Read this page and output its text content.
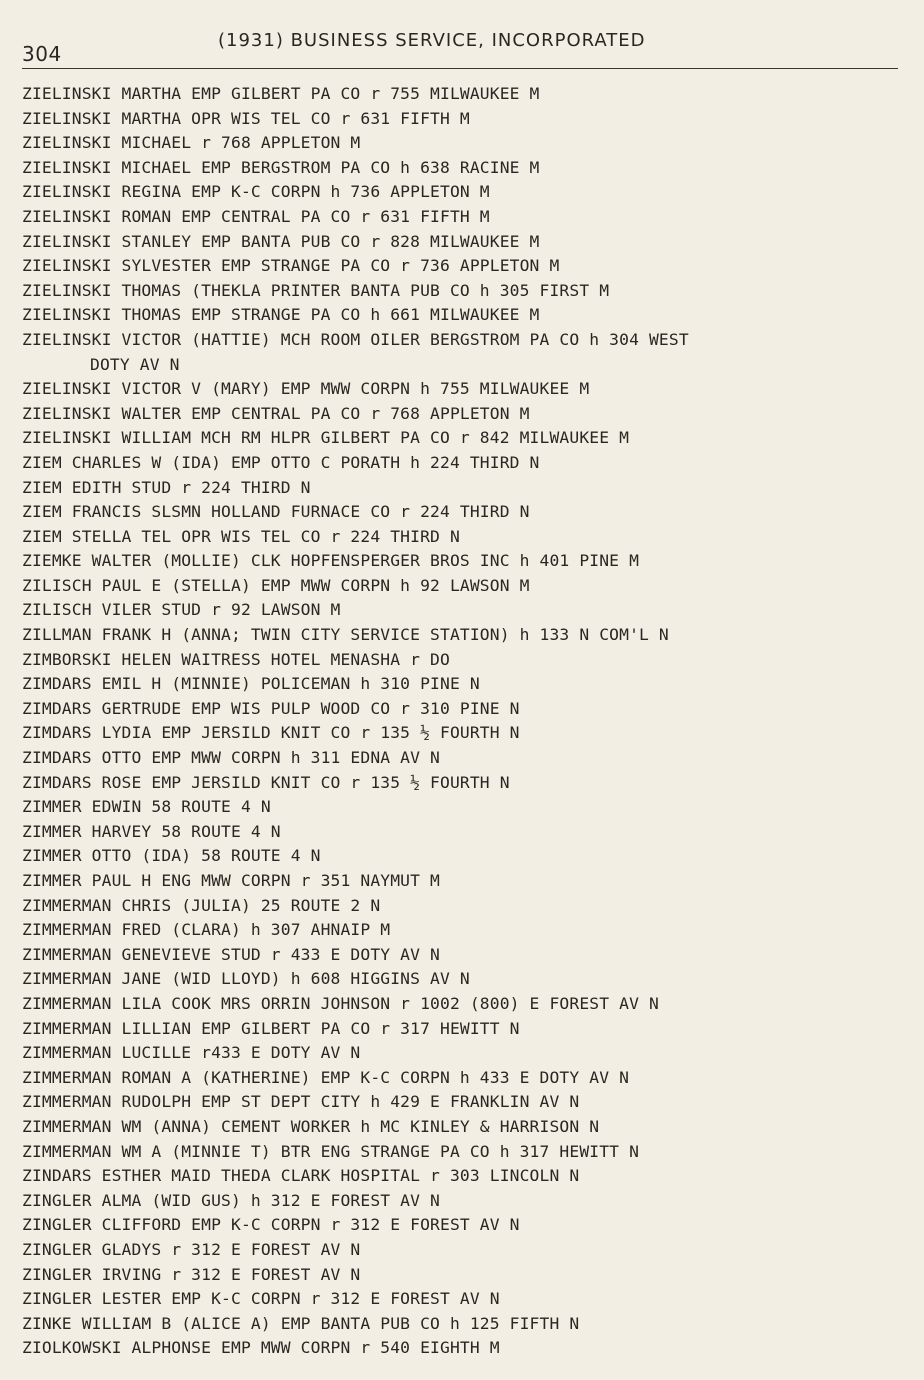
304
(1931) BUSINESS SERVICE, INCORPORATED
ZIELINSKI MARTHA EMP GILBERT PA CO r 755 MILWAUKEE M
ZIELINSKI MARTHA OPR WIS TEL CO r 631 FIFTH M
ZIELINSKI MICHAEL r 768 APPLETON M
ZIELINSKI MICHAEL EMP BERGSTROM PA CO h 638 RACINE M
ZIELINSKI REGINA EMP K-C CORPN h 736 APPLETON M
ZIELINSKI ROMAN EMP CENTRAL PA CO r 631 FIFTH M
ZIELINSKI STANLEY EMP BANTA PUB CO r 828 MILWAUKEE M
ZIELINSKI SYLVESTER EMP STRANGE PA CO r 736 APPLETON M
ZIELINSKI THOMAS (THEKLA PRINTER BANTA PUB CO h 305 FIRST M
ZIELINSKI THOMAS EMP STRANGE PA CO h 661 MILWAUKEE M
ZIELINSKI VICTOR (HATTIE) MCH ROOM OILER BERGSTROM PA CO h 304 WEST
DOTY AV N
ZIELINSKI VICTOR V (MARY) EMP MWW CORPN h 755 MILWAUKEE M
ZIELINSKI WALTER EMP CENTRAL PA CO r 768 APPLETON M
ZIELINSKI WILLIAM MCH RM HLPR GILBERT PA CO r 842 MILWAUKEE M
ZIEM CHARLES W (IDA) EMP OTTO C PORATH h 224 THIRD N
ZIEM EDITH STUD r 224 THIRD N
ZIEM FRANCIS SLSMN HOLLAND FURNACE CO r 224 THIRD N
ZIEM STELLA TEL OPR WIS TEL CO r 224 THIRD N
ZIEMKE WALTER (MOLLIE) CLK HOPFENSPERGER BROS INC h 401 PINE M
ZILISCH PAUL E (STELLA) EMP MWW CORPN h 92 LAWSON M
ZILISCH VILER STUD r 92 LAWSON M
ZILLMAN FRANK H (ANNA; TWIN CITY SERVICE STATION) h 133 N COM'L N
ZIMBORSKI HELEN WAITRESS HOTEL MENASHA r DO
ZIMDARS EMIL H (MINNIE) POLICEMAN h 310 PINE N
ZIMDARS GERTRUDE EMP WIS PULP WOOD CO r 310 PINE N
ZIMDARS LYDIA EMP JERSILD KNIT CO r 135 ½ FOURTH N
ZIMDARS OTTO EMP MWW CORPN h 311 EDNA AV N
ZIMDARS ROSE EMP JERSILD KNIT CO r 135 ½ FOURTH N
ZIMMER EDWIN 58 ROUTE 4 N
ZIMMER HARVEY 58 ROUTE 4 N
ZIMMER OTTO (IDA) 58 ROUTE 4 N
ZIMMER PAUL H ENG MWW CORPN r 351 NAYMUT M
ZIMMERMAN CHRIS (JULIA) 25 ROUTE 2 N
ZIMMERMAN FRED (CLARA) h 307 AHNAIP M
ZIMMERMAN GENEVIEVE STUD r 433 E DOTY AV N
ZIMMERMAN JANE (WID LLOYD) h 608 HIGGINS AV N
ZIMMERMAN LILA COOK MRS ORRIN JOHNSON r 1002 (800) E FOREST AV N
ZIMMERMAN LILLIAN EMP GILBERT PA CO r 317 HEWITT N
ZIMMERMAN LUCILLE r433 E DOTY AV N
ZIMMERMAN ROMAN A (KATHERINE) EMP K-C CORPN h 433 E DOTY AV N
ZIMMERMAN RUDOLPH EMP ST DEPT CITY h 429 E FRANKLIN AV N
ZIMMERMAN WM (ANNA) CEMENT WORKER h MC KINLEY & HARRISON N
ZIMMERMAN WM A (MINNIE T) BTR ENG STRANGE PA CO h 317 HEWITT N
ZINDARS ESTHER MAID THEDA CLARK HOSPITAL r 303 LINCOLN N
ZINGLER ALMA (WID GUS) h 312 E FOREST AV N
ZINGLER CLIFFORD EMP K-C CORPN r 312 E FOREST AV N
ZINGLER GLADYS r 312 E FOREST AV N
ZINGLER IRVING r 312 E FOREST AV N
ZINGLER LESTER EMP K-C CORPN r 312 E FOREST AV N
ZINKE WILLIAM B (ALICE A) EMP BANTA PUB CO h 125 FIFTH N
ZIOLKOWSKI ALPHONSE EMP MWW CORPN r 540 EIGHTH M
